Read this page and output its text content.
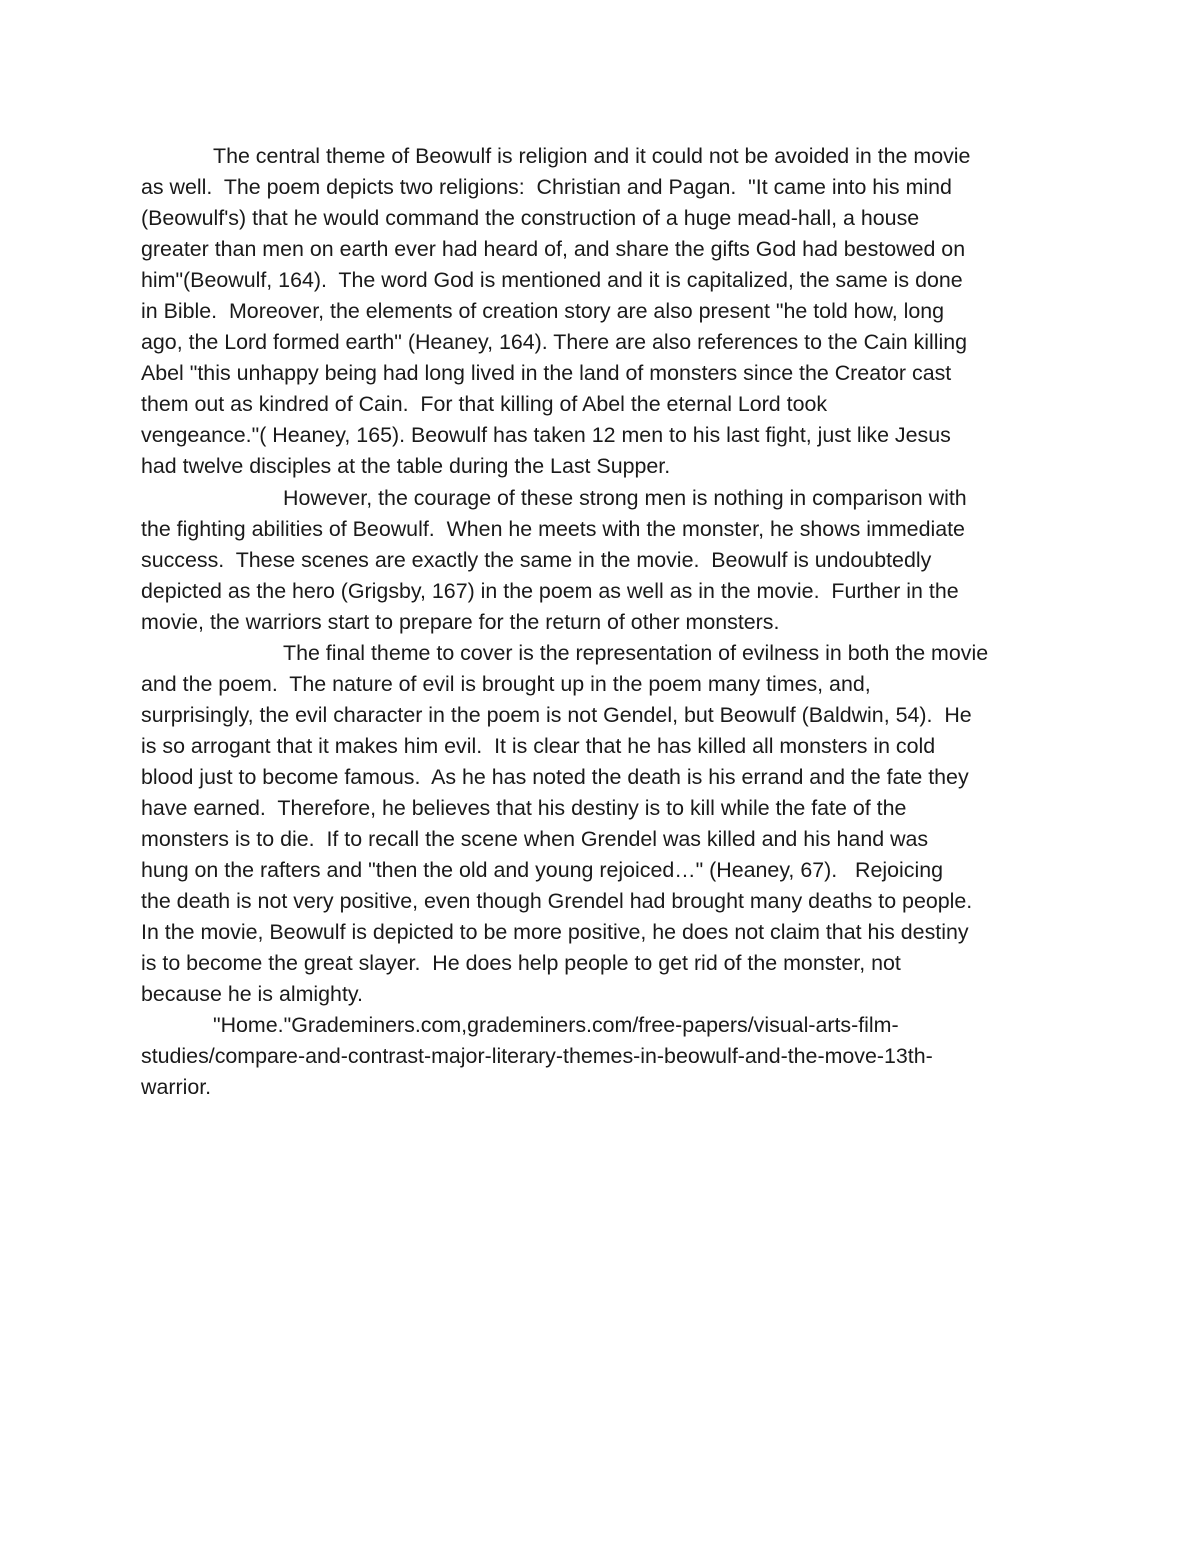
The central theme of Beowulf is religion and it could not be avoided in the movie
as well.  The poem depicts two religions:  Christian and Pagan.  "It came into his mind
(Beowulf's) that he would command the construction of a huge mead-hall, a house
greater than men on earth ever had heard of, and share the gifts God had bestowed on
him"(Beowulf, 164).  The word God is mentioned and it is capitalized, the same is done
in Bible.  Moreover, the elements of creation story are also present "he told how, long
ago, the Lord formed earth" (Heaney, 164). There are also references to the Cain killing
Abel "this unhappy being had long lived in the land of monsters since the Creator cast
them out as kindred of Cain.  For that killing of Abel the eternal Lord took
vengeance."( Heaney, 165). Beowulf has taken 12 men to his last fight, just like Jesus
had twelve disciples at the table during the Last Supper.
However, the courage of these strong men is nothing in comparison with
the fighting abilities of Beowulf.  When he meets with the monster, he shows immediate
success.  These scenes are exactly the same in the movie.  Beowulf is undoubtedly
depicted as the hero (Grigsby, 167) in the poem as well as in the movie.  Further in the
movie, the warriors start to prepare for the return of other monsters.
The final theme to cover is the representation of evilness in both the movie
and the poem.  The nature of evil is brought up in the poem many times, and,
surprisingly, the evil character in the poem is not Gendel, but Beowulf (Baldwin, 54).  He
is so arrogant that it makes him evil.  It is clear that he has killed all monsters in cold
blood just to become famous.  As he has noted the death is his errand and the fate they
have earned.  Therefore, he believes that his destiny is to kill while the fate of the
monsters is to die.  If to recall the scene when Grendel was killed and his hand was
hung on the rafters and "then the old and young rejoiced…" (Heaney, 67).   Rejoicing
the death is not very positive, even though Grendel had brought many deaths to people.
In the movie, Beowulf is depicted to be more positive, he does not claim that his destiny
is to become the great slayer.  He does help people to get rid of the monster, not
because he is almighty.
"Home."Grademiners.com,grademiners.com/free-papers/visual-arts-film-
studies/compare-and-contrast-major-literary-themes-in-beowulf-and-the-move-13th-
warrior.
